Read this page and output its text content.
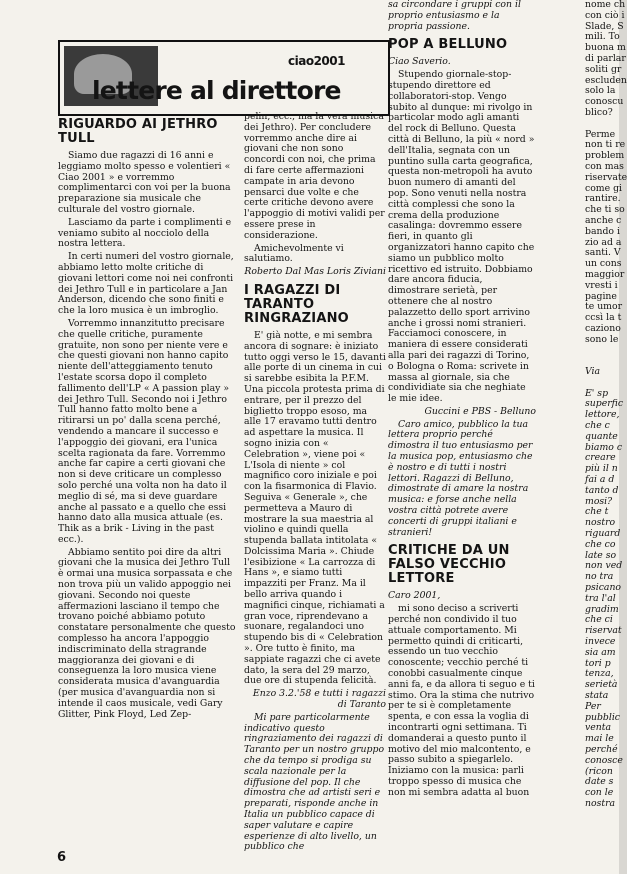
ciao2001
lettere al direttore
RIGUARDO AI JETHRO TULL

Siamo due ragazzi di 16 anni e leggiamo molto spesso e volentieri « Ciao 2001 » e vorremmo complimentarci con voi per la buona preparazione sia musicale che culturale del vostro giornale.

Lasciamo da parte i complimenti e veniamo subito al nocciolo della nostra lettera.

In certi numeri del vostro giornale, abbiamo letto molte critiche di giovani lettori come noi nei confronti dei Jethro Tull e in particolare a Jan Anderson, dicendo che sono finiti e che la loro musica è un imbroglio.

Vorremmo innanzitutto precisare che quelle critiche, puramente gratuite, non sono per niente vere e che questi giovani non hanno capito niente dell'atteggiamento tenuto l'estate scorsa dopo il completo fallimento dell'LP « A passion play » dei Jethro Tull. Secondo noi i Jethro Tull hanno fatto molto bene a ritirarsi un po' dalla scena perché, vendendo a mancare il successo e l'appoggio dei giovani, era l'unica scelta ragionata da fare. Vorremmo anche far capire a certi giovani che non si deve criticare un complesso solo perché una volta non ha dato il meglio di sé, ma si deve guardare anche al passato e a quello che essi hanno dato alla musica attuale (es. Thik as a brik - Living in the past ecc.).

Abbiamo sentito poi dire da altri giovani che la musica dei Jethro Tull è ormai una musica sorpassata e che non trova più un valido appoggio nei giovani. Secondo noi queste affermazioni lasciano il tempo che trovano poiché abbiamo potuto constatare personalmente che questo complesso ha ancora l'appoggio indiscriminato della stragrande maggioranza dei giovani e di conseguenza la loro musica viene considerata musica d'avanguardia (per musica d'avanguardia non si intende il caos musicale, vedi Gary Glitter, Pink Floyd, Led Zep-

pelin, ecc., ma la vera musica dei Jethro). Per concludere vorremmo anche dire ai giovani che non sono concordi con noi, che prima di fare certe affermazioni campate in aria devono pensarci due volte e che certe critiche devono avere l'appoggio di motivi validi per essere prese in considerazione.

Amichevolmente vi salutiamo.

Roberto Dal Mas Loris Ziviani

I RAGAZZI DI TARANTO RINGRAZIANO

E' già notte, e mi sembra ancora di sognare: è iniziato tutto oggi verso le 15, davanti alle porte di un cinema in cui si sarebbe esibita la P.F.M. Una piccola protesta prima di entrare, per il prezzo del biglietto troppo esoso, ma alle 17 eravamo tutti dentro ad aspettare la musica. Il sogno inizia con « Celebration », viene poi « L'Isola di niente » col magnifico coro iniziale e poi con la fisarmonica di Flavio. Seguiva « Generale », che permetteva a Mauro di mostrare la sua maestria al violino e quindi quella stupenda ballata intitolata « Dolcissima Maria ». Chiude l'esibizione « La carrozza di Hans », e siamo tutti impazziti per Franz. Ma il bello arriva quando i magnifici cinque, richiamati a gran voce, riprendevano a suonare, regalandoci uno stupendo bis di « Celebration ». Ore tutto è finito, ma sappiate ragazzi che ci avete dato, la sera del 29 marzo, due ore di stupenda felicità.

Enzo 3.2.'58 e tutti i ragazzi di Taranto

Mi pare particolarmente indicativo questo ringraziamento dei ragazzi di Taranto per un nostro gruppo che da tempo si prodiga su scala nazionale per la diffusione del pop. Il che dimostra che ad artisti seri e preparati, risponde anche in Italia un pubblico capace di saper valutare e capire esperienze di alto livello, un pubblico che

sa circondare i gruppi con il proprio entusiasmo e la propria passione.

POP A BELLUNO

Ciao Saverio.

Stupendo giornale-stop-stupendo direttore ed collaboratori-stop. Vengo subito al dunque: mi rivolgo in particolar modo agli amanti del rock di Belluno. Questa città di Belluno, la più « nord » dell'Italia, segnata con un puntino sulla carta geografica, questa non-metropoli ha avuto buon numero di amanti del pop. Sono venuti nella nostra città complessi che sono la crema della produzione casalinga: dovremmo essere fieri, in quanto gli organizzatori hanno capito che siamo un pubblico molto ricettivo ed istruito. Dobbiamo dare ancora fiducia, dimostrare serietà, per ottenere che al nostro palazzetto dello sport arrivino anche i grossi nomi stranieri. Facciamoci conoscere, in maniera di essere considerati alla pari dei ragazzi di Torino, o Bologna o Roma: scrivete in massa al giornale, sia che condividiate sia che neghiate le mie idee.

Guccini e PBS - Belluno

Caro amico, pubblico la tua lettera proprio perché dimostra il tuo entusiasmo per la musica pop, entusiasmo che è nostro e di tutti i nostri lettori. Ragazzi di Belluno, dimostrate di amare la nostra musica: e forse anche nella vostra città potrete avere concerti di gruppi italiani e stranieri!

CRITICHE DA UN FALSO VECCHIO LETTORE

Caro 2001,

mi sono deciso a scriverti perché non condivido il tuo attuale comportamento. Mi permetto quindi di criticarti, essendo un tuo vecchio conoscente; vecchio perché ti conobbi casualmente cinque anni fa, e da allora ti seguo e ti stimo. Ora la stima che nutrivo per te si è completamente spenta, e con essa la voglia di incontrarti ogni settimana. Ti domanderai a questo punto il motivo del mio malcontento, e passo subito a spiegarlelo. Iniziamo con la musica: parli troppo spesso di musica che non mi sembra adatta al buon

nome ch

con ciò i

Slade, S

mili. To

buona m

di parlar

soliti gr

escluden

solo la

conoscu

blico?

Perme

non ti re

problem

con mas

riservate

come gi

rantire.

che ti so

anche c

bando i

zio ad a

santi. V

un cons

maggior

vresti i

pagine

te umor

ccsì la t

caziono

sono le

Via

E' sp

superfic

lettore,

che c

quante

biamo c

creare

più il n

fai a d

tanto d

mosi?

che t

nostro

riguard

che co

late so

non ved

no tra

psicano

tra l'al

gradim

che ci

riservat

invece

sia am

tori p

tenza,

serietà

stata

Per

pubblic

venta

mai le

perché

conosce

(ricon

date s

con le

nostra

6
